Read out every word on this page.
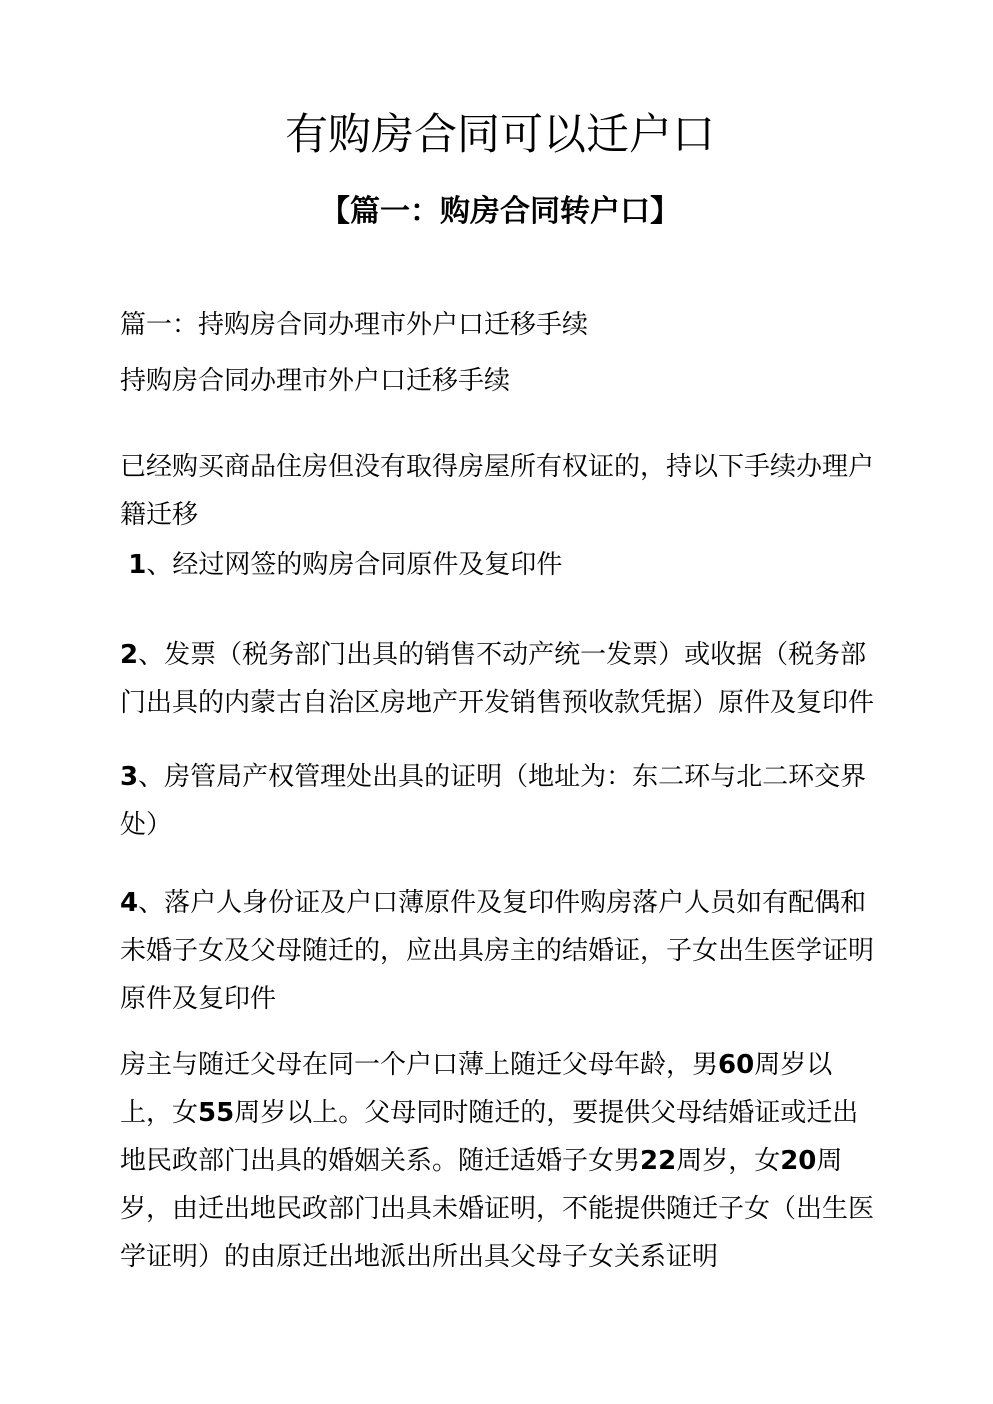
有购房合同可以迁户口
【篇一：购房合同转户口】

篇一：持购房合同办理市外户口迁移手续

持购房合同办理市外户口迁移手续

已经购买商品住房但没有取得房屋所有权证的，持以下手续办理户籍迁移

1、经过网签的购房合同原件及复印件

2、发票（税务部门出具的销售不动产统一发票）或收据（税务部门出具的内蒙古自治区房地产开发销售预收款凭据）原件及复印件

3、房管局产权管理处出具的证明（地址为：东二环与北二环交界处）

4、落户人身份证及户口薄原件及复印件购房落户人员如有配偶和未婚子女及父母随迁的，应出具房主的结婚证，子女出生医学证明原件及复印件

房主与随迁父母在同一个户口薄上随迁父母年龄，男60周岁以上，女55周岁以上。父母同时随迁的，要提供父母结婚证或迁出地民政部门出具的婚姻关系。随迁适婚子女男22周岁，女20周岁，由迁出地民政部门出具未婚证明，不能提供随迁子女（出生医学证明）的由原迁出地派出所出具父母子女关系证明
